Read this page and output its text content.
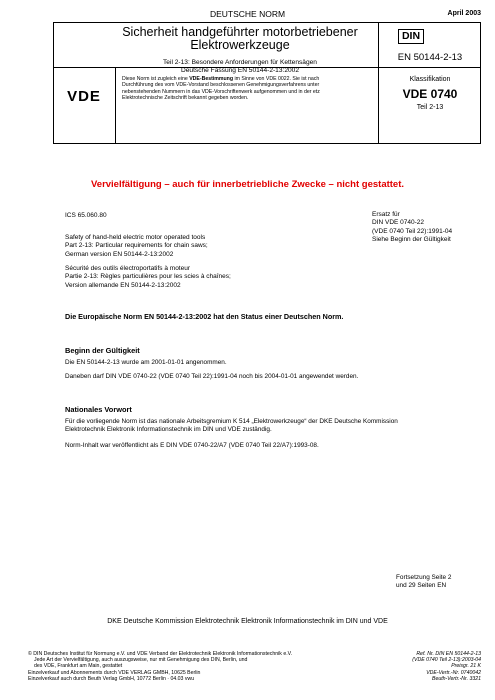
DEUTSCHE NORM	April 2003
Sicherheit handgeführter motorbetriebener
Elektrowerkzeuge
Teil 2-13: Besondere Anforderungen für Kettensägen
Deutsche Fassung EN 50144-2-13:2002
DIN
EN 50144-2-13
VDE
Diese Norm ist zugleich eine VDE-Bestimmung im Sinne von VDE 0022. Sie ist nach
Durchführung des vom VDE-Vorstand beschlossenen Genehmigungsverfahrens unter
nebenstehenden Nummern in das VDE-Vorschriftenwerk aufgenommen und in der etz
Elektrotechnische Zeitschrift bekannt gegeben worden.
Klassifikation
VDE 0740
Teil 2-13
Vervielfältigung – auch für innerbetriebliche Zwecke – nicht gestattet.
ICS 65.060.80	Ersatz für
DIN VDE 0740-22
(VDE 0740 Teil 22):1991-04
Siehe Beginn der Gültigkeit
Safety of hand-held electric motor operated tools
Part 2-13: Particular requirements for chain saws;
German version EN 50144-2-13:2002
Sécurité des outils électroportatifs à moteur
Partie 2-13: Règles particulières pour les scies à chaînes;
Version allemande EN 50144-2-13:2002
Die Europäische Norm EN 50144-2-13:2002 hat den Status einer Deutschen Norm.
Beginn der Gültigkeit
Die EN 50144-2-13 wurde am 2001-01-01 angenommen.
Daneben darf DIN VDE 0740-22 (VDE 0740 Teil 22):1991-04 noch bis 2004-01-01 angewendet werden.
Nationales Vorwort
Für die vorliegende Norm ist das nationale Arbeitsgremium K 514 „Elektrowerkzeuge“ der DKE Deutsche Kommission
Elektrotechnik Elektronik Informationstechnik im DIN und VDE zuständig.
Norm-Inhalt war veröffentlicht als E DIN VDE 0740-22/A7 (VDE 0740 Teil 22/A7):1993-08.
Fortsetzung Seite 2
und 29 Seiten EN
DKE Deutsche Kommission Elektrotechnik Elektronik Informationstechnik im DIN und VDE
© DIN Deutsches Institut für Normung e.V. und VDE Verband der Elektrotechnik Elektronik Informationstechnik e.V.
Jede Art der Vervielfältigung, auch auszugsweise, nur mit Genehmigung des DIN, Berlin, und
des VDE, Frankfurt am Main, gestattet
Einzelverkauf und Abonnements durch VDE VERLAG GMBH, 10625 Berlin
Einzelverkauf auch durch Beuth Verlag GmbH, 10772 Berlin · 04.03 vwu
Ref. Nr. DIN EN 50144-2-13
(VDE 0740 Teil 2-13):2003-04
Preisgr. 21 K
VDE-Vertr.-Nr. 0740042
Beuth-Vertr.-Nr. 3321
